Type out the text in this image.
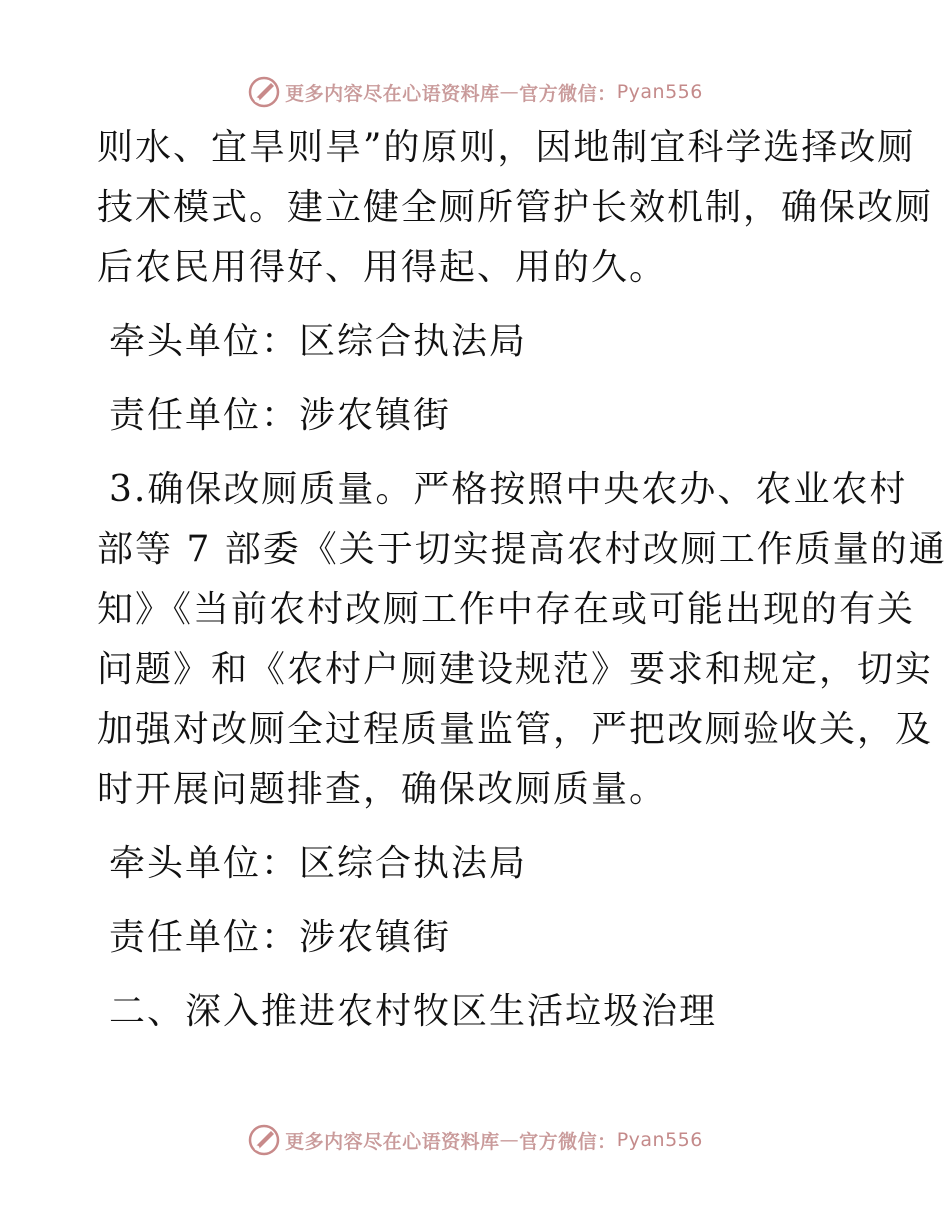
更多内容尽在心语资料库 — 官方微信： Pyan556
则水、宜旱则旱”的原则，因地制宜科学选择改厕
技术模式。建立健全厕所管护长效机制，确保改厕
后农民用得好、用得起、用的久。
牵头单位：区综合执法局
责任单位：涉农镇街
3.确保改厕质量。严格按照中央农办、农业农村
部等 7 部委《关于切实提高农村改厕工作质量的通
知》《当前农村改厕工作中存在或可能出现的有关
问题》和《农村户厕建设规范》要求和规定，切实
加强对改厕全过程质量监管，严把改厕验收关，及
时开展问题排查，确保改厕质量。
牵头单位：区综合执法局
责任单位：涉农镇街
二、深入推进农村牧区生活垃圾治理
更多内容尽在心语资料库 — 官方微信： Pyan556
